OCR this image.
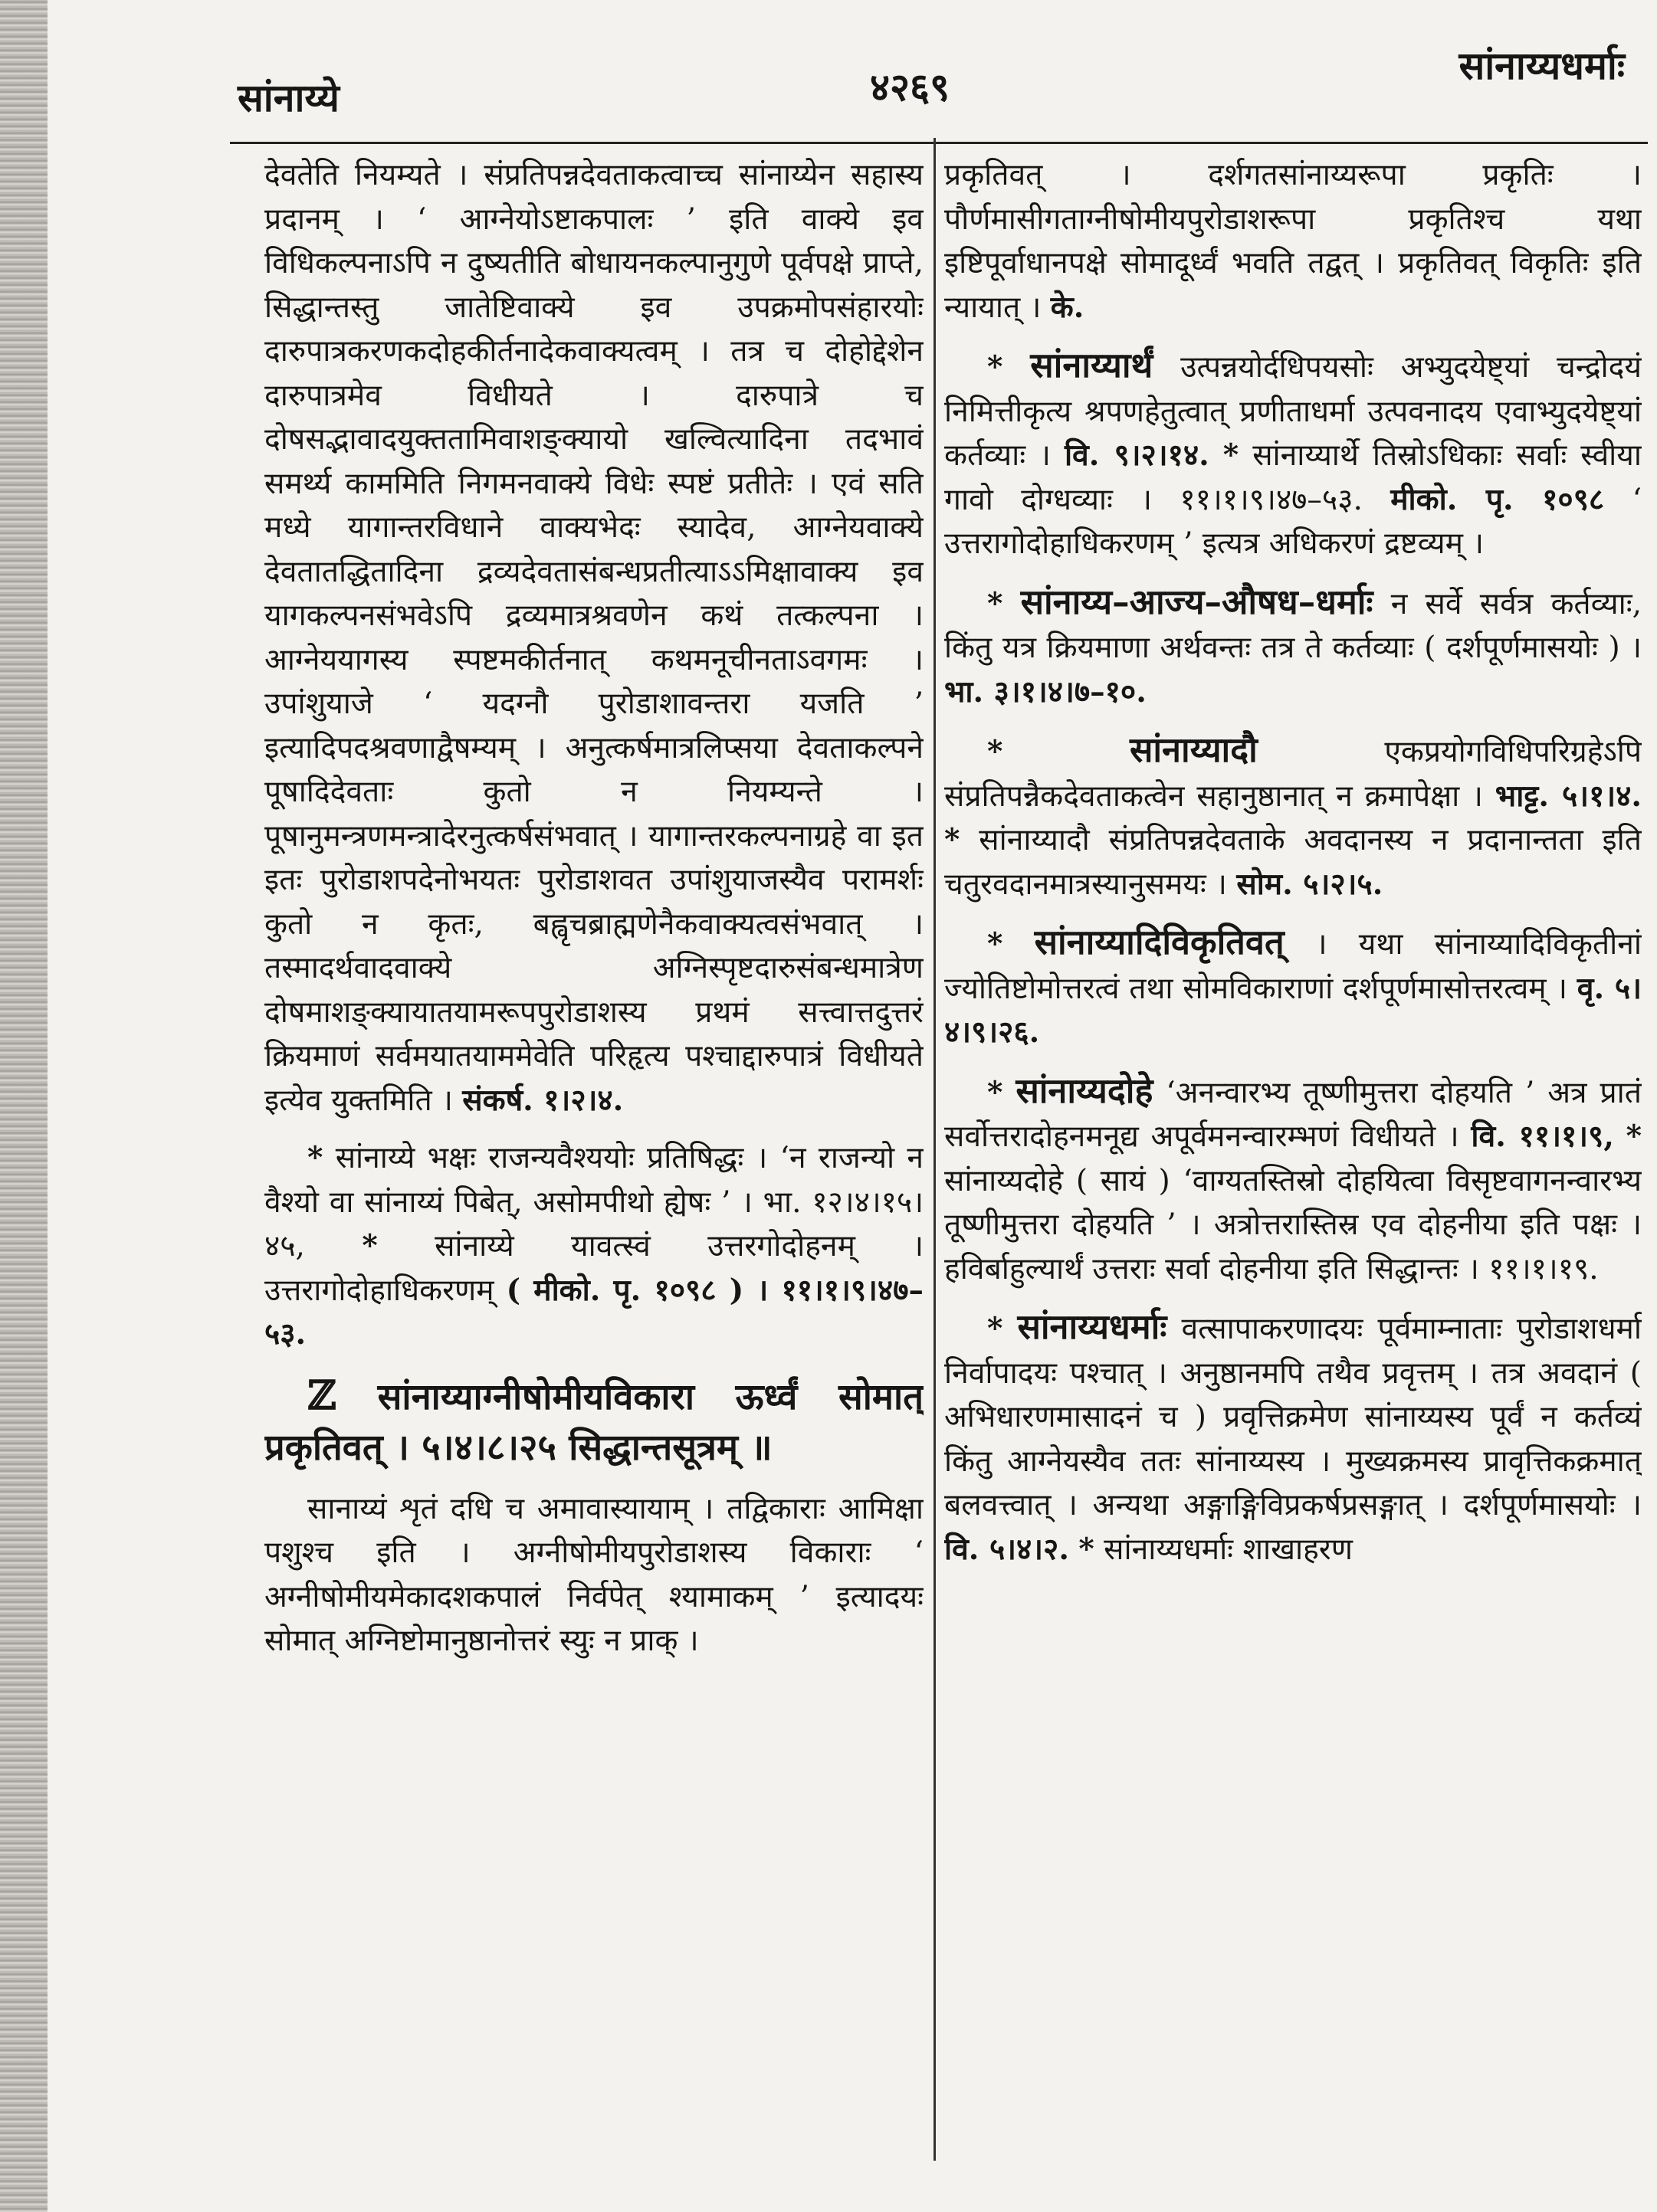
सांनाय्ये	४२६९	सांनाय्यधर्माः

देवतेति नियम्यते । संप्रतिपन्नदेवताकत्वाच्च सांनाय्येन सहास्य प्रदानम् । ‘ आग्नेयोऽष्टाकपालः ’ इति वाक्ये इव विधिकल्पनाऽपि न दुष्यतीति बोधायनकल्पानुगुणे पूर्वपक्षे प्राप्ते, सिद्धान्तस्तु जातेष्टिवाक्ये इव उपक्रमोपसंहारयोः दारुपात्रकरणकदोहकीर्तनादेकवाक्यत्वम् । तत्र च दोहोद्देशेन दारुपात्रमेव विधीयते । दारुपात्रे च दोषसद्भावादयुक्ततामिवाशङ्क्यायो खल्वित्यादिना तदभावं समर्थ्य काममिति निगमनवाक्ये विधेः स्पष्टं प्रतीतेः । एवं सति मध्ये यागान्तरविधाने वाक्यभेदः स्यादेव, आग्नेयवाक्ये देवतातद्धितादिना द्रव्यदेवतासंबन्धप्रतीत्याऽऽमिक्षावाक्य इव यागकल्पनसंभवेऽपि द्रव्यमात्रश्रवणेन कथं तत्कल्पना । आग्नेययागस्य स्पष्टमकीर्तनात् कथमनूचीनताऽवगमः । उपांशुयाजे ‘ यदग्नौ पुरोडाशावन्तरा यजति ’ इत्यादिपदश्रवणाद्वैषम्यम् । अनुत्कर्षमात्रलिप्सया देवताकल्पने पूषादिदेवताः कुतो न नियम्यन्ते । पूषानुमन्त्रणमन्त्रादेरनुत्कर्षसंभवात् । यागान्तरकल्पनाग्रहे वा इत इतः पुरोडाशपदेनोभयतः पुरोडाशवत उपांशुयाजस्यैव परामर्शः कुतो न कृतः, बह्वृचब्राह्मणेनैकवाक्यत्वसंभवात् । तस्मादर्थवादवाक्ये अग्निस्पृष्टदारुसंबन्धमात्रेण दोषमाशङ्क्यायातयामरूपपुरोडाशस्य प्रथमं सत्त्वात्तदुत्तरं क्रियमाणं सर्वमयातयाममेवेति परिहृत्य पश्चाद्दारुपात्रं विधीयते इत्येव युक्तमिति । संकर्ष. १।२।४.

* सांनाय्ये भक्षः राजन्यवैश्ययोः प्रतिषिद्धः । ‘न राजन्यो न वैश्यो वा सांनाय्यं पिबेत्, असोमपीथो ह्येषः ’ । भा. १२।४।१५।४५, * सांनाय्ये यावत्स्वं उत्तरगोदोहनम् । उत्तरागोदोहाधिकरणम् ( मीको. पृ. १०९८ ) । ११।१।९।४७–५३.

ℤ सांनाय्याग्नीषोमीयविकारा ऊर्ध्वं सोमात् प्रकृतिवत् । ५।४।८।२५ सिद्धान्तसूत्रम् ॥

सानाय्यं शृतं दधि च अमावास्यायाम् । तद्विकाराः आमिक्षा पशुश्च इति । अग्नीषोमीयपुरोडाशस्य विकाराः ‘ अग्नीषोमीयमेकादशकपालं निर्वपेत् श्यामाकम् ’ इत्यादयः सोमात् अग्निष्टोमानुष्ठानोत्तरं स्युः न प्राक् ।

प्रकृतिवत् । दर्शगतसांनाय्यरूपा प्रकृतिः । पौर्णमासीगताग्नीषोमीयपुरोडाशरूपा प्रकृतिश्च यथा इष्टिपूर्वाधानपक्षे सोमादूर्ध्वं भवति तद्वत् । प्रकृतिवत् विकृतिः इति न्यायात् । के.

* सांनाय्यार्थं उत्पन्नयोर्दधिपयसोः अभ्युदयेष्ट्यां चन्द्रोदयं निमित्तीकृत्य श्रपणहेतुत्वात् प्रणीताधर्मा उत्पवनादय एवाभ्युदयेष्ट्यां कर्तव्याः । वि. ९।२।१४. * सांनाय्यार्थे तिस्रोऽधिकाः सर्वाः स्वीया गावो दोग्धव्याः । ११।१।९।४७–५३. मीको. पृ. १०९८ ‘ उत्तरागोदोहाधिकरणम् ’ इत्यत्र अधिकरणं द्रष्टव्यम् ।

* सांनाय्य–आज्य–औषध–धर्माः न सर्वे सर्वत्र कर्तव्याः, किंतु यत्र क्रियमाणा अर्थवन्तः तत्र ते कर्तव्याः ( दर्शपूर्णमासयोः ) । भा. ३।१।४।७–१०.

*	सांनाय्यादौ	एकप्रयोगविधिपरिग्रहेऽपि संप्रतिपन्नैकदेवताकत्वेन सहानुष्ठानात् न क्रमापेक्षा । भाट्ट. ५।१।४. * सांनाय्यादौ संप्रतिपन्नदेवताके अवदानस्य न प्रदानान्तता इति चतुरवदानमात्रस्यानुसमयः । सोम. ५।२।५.

* सांनाय्यादिविकृतिवत् । यथा सांनाय्यादिविकृतीनां ज्योतिष्टोमोत्तरत्वं तथा सोमविकाराणां दर्शपूर्णमासोत्तरत्वम् । वृ. ५।४।९।२६.

* सांनाय्यदोहे ‘अनन्वारभ्य तूष्णीमुत्तरा दोहयति ’ अत्र प्रातं सर्वोत्तरादोहनमनूद्य अपूर्वमनन्वारम्भणं विधीयते । वि. ११।१।९, * सांनाय्यदोहे ( सायं ) ‘वाग्यतस्तिस्रो दोहयित्वा विसृष्टवागनन्वारभ्य तूष्णीमुत्तरा दोहयति ’ । अत्रोत्तरास्तिस्र एव दोहनीया इति पक्षः । हविर्बाहुल्यार्थं उत्तराः सर्वा दोहनीया इति सिद्धान्तः । ११।१।१९.

* सांनाय्यधर्माः वत्सापाकरणादयः पूर्वमाम्नाताः पुरोडाशधर्मा निर्वापादयः पश्चात् । अनुष्ठानमपि तथैव प्रवृत्तम् । तत्र अवदानं ( अभिधारणमासादनं च ) प्रवृत्तिक्रमेण सांनाय्यस्य पूर्वं न कर्तव्यं किंतु आग्नेयस्यैव ततः सांनाय्यस्य । मुख्यक्रमस्य प्रावृत्तिकक्रमात् बलवत्त्वात् । अन्यथा अङ्गाङ्गिविप्रकर्षप्रसङ्गात् । दर्शपूर्णमासयोः । वि. ५।४।२. * सांनाय्यधर्माः शाखाहरण
